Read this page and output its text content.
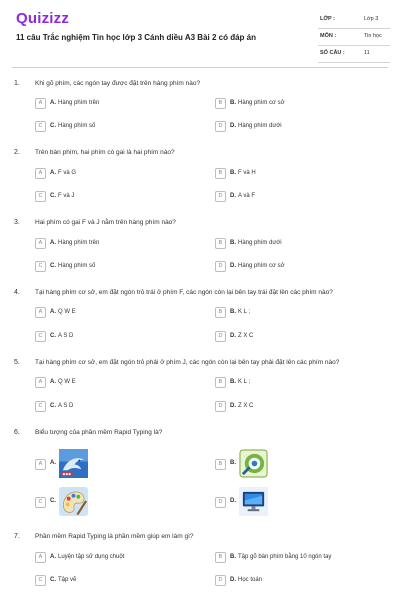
Quizizz
11 câu Trắc nghiệm Tin học lớp 3 Cánh diều A3 Bài 2 có đáp án
LỚP :	Lớp 3
MÔN :	Tin học
SỐ CÂU :	11
1. Khi gõ phím, các ngón tay được đặt trên hàng phím nào?
A	A. Hàng phím trên	B	B. Hàng phím cơ sở
C	C. Hàng phím số	D	D. Hàng phím dưới
2. Trên bàn phím, hai phím có gai là hai phím nào?
A	A. F và G	B	B. F và H
C	C. F và J	D	D. A và F
3. Hai phím có gai F và J nằm trên hàng phím nào?
A	A. Hàng phím trên	B	B. Hàng phím dưới
C	C. Hàng phím số	D	D. Hàng phím cơ sở
4. Tại hàng phím cơ sở, em đặt ngón trỏ trái ở phím F, các ngón còn lại bên tay trái đặt lên các phím nào?
A	A. Q W E	B	B. K L ;
C	C. A S D	D	D. Z X C
5. Tại hàng phím cơ sở, em đặt ngón trỏ phải ở phím J, các ngón còn lại bên tay phải đặt lên các phím nào?
A	A. Q W E	B	B. K L ;
C	C. A S D	D	D. Z X C
6. Biểu tượng của phần mềm Rapid Typing là?
A	A.	B	B.
C	C.	D	D.
7. Phần mềm Rapid Typing là phần mềm giúp em làm gì?
A	A. Luyện tập sử dụng chuột	B	B. Tập gõ bàn phím bằng 10 ngón tay
C	C. Tập vẽ	D	D. Học toán
